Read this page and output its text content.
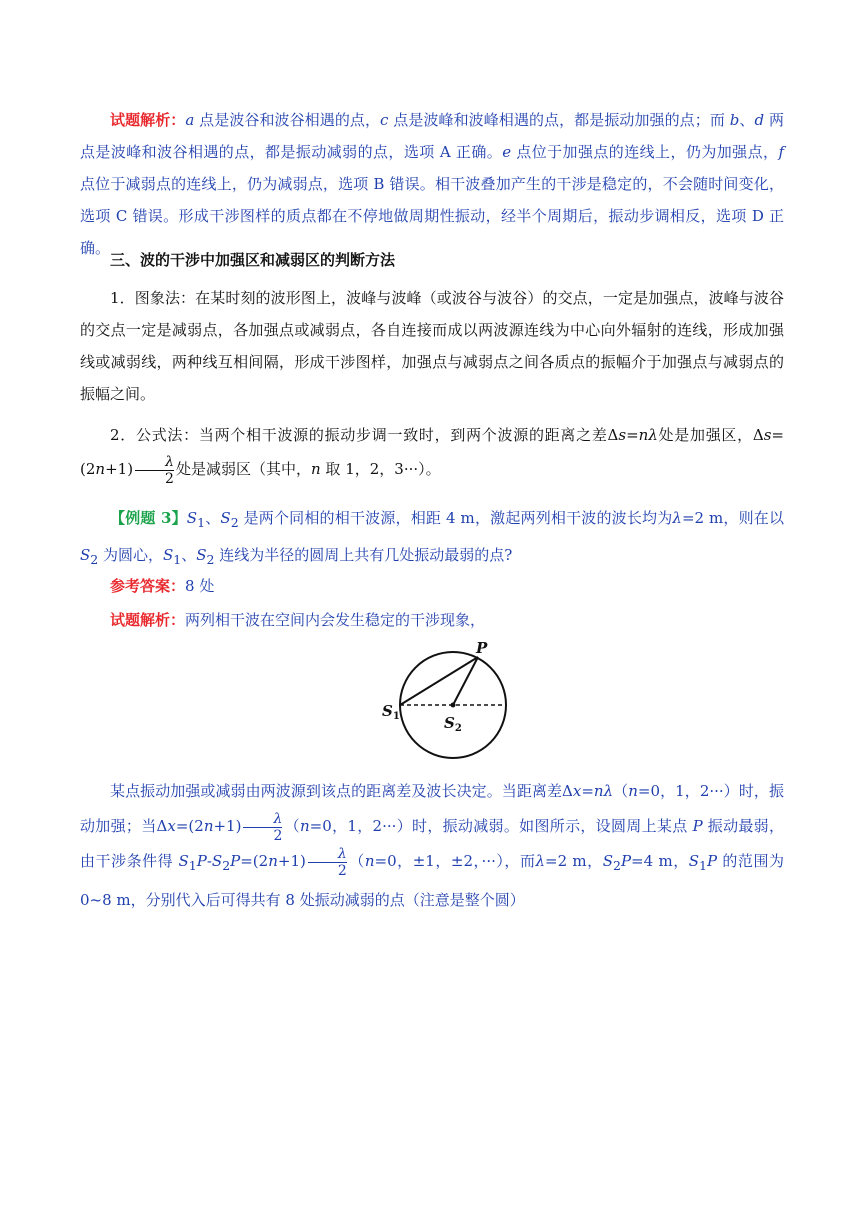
试题解析：a 点是波谷和波谷相遇的点，c 点是波峰和波峰相遇的点，都是振动加强的点；而 b、d 两点是波峰和波谷相遇的点，都是振动减弱的点，选项 A 正确。e 点位于加强点的连线上，仍为加强点，f 点位于减弱点的连线上，仍为减弱点，选项 B 错误。相干波叠加产生的干涉是稳定的，不会随时间变化，选项 C 错误。形成干涉图样的质点都在不停地做周期性振动，经半个周期后，振动步调相反，选项 D 正确。
三、波的干涉中加强区和减弱区的判断方法
1．图象法：在某时刻的波形图上，波峰与波峰（或波谷与波谷）的交点，一定是加强点，波峰与波谷的交点一定是减弱点，各加强点或减弱点，各自连接而成以两波源连线为中心向外辐射的连线，形成加强线或减弱线，两种线互相间隔，形成干涉图样，加强点与减弱点之间各质点的振幅介于加强点与减弱点的振幅之间。
2．公式法：当两个相干波源的振动步调一致时，到两个波源的距离之差Δs=nλ处是加强区，$\Delta s=(2n+1) \frac{\lambda}{2}$ 处是减弱区（其中，n 取 1，2，3···）。
【例题 3】$S_1$、$S_2$ 是两个同相的相干波源，相距 4 m，激起两列相干波的波长均为λ=2 m，则在以 $S_2$ 为圆心，$S_1$、$S_2$ 连线为半径的圆周上共有几处振动最弱的点?
参考答案：8 处
试题解析：两列相干波在空间内会发生稳定的干涉现象，
P
$S_1$	$S_2$
某点振动加强或减弱由两波源到该点的距离差及波长决定。当距离差Δx=nλ（n=0，1，2···）时，振动加强；当$\Delta x=(2n+1) \frac{\lambda}{2} (n=0$，1，2···）时，振动减弱。如图所示，设圆周上某点 P 振动最弱，由干涉条件得 $S_1P-S_2P=(2n+1) \frac{\lambda}{2} (n=0$，±1，±2，···），而λ=2 m，$S_2P=4$ m，$S_1P$ 的范围为 0~8 m，分别代入后可得共有 8 处振动减弱的点（注意是整个圆）
